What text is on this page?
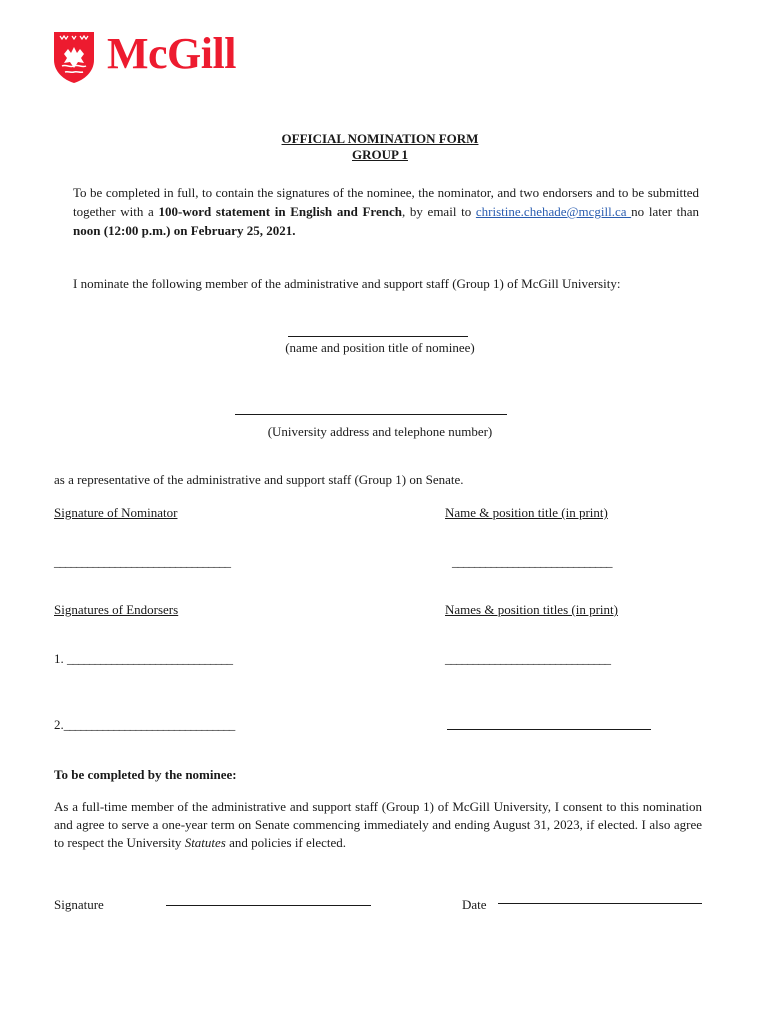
McGill
OFFICIAL NOMINATION FORM
GROUP 1
To be completed in full, to contain the signatures of the nominee, the nominator, and two endorsers and to be submitted together with a 100-word statement in English and French, by email to christine.chehade@mcgill.ca no later than noon (12:00 p.m.) on February 25, 2021.
I nominate the following member of the administrative and support staff (Group 1) of McGill University:
(name and position title of nominee)
(University address and telephone number)
as a representative of the administrative and support staff (Group 1) on Senate.
Signature of Nominator	Name & position title (in print)
________________________________	_____________________________
Signatures of Endorsers	Names & position titles (in print)
1. ______________________________	______________________________
2._______________________________
To be completed by the nominee:
As a full-time member of the administrative and support staff (Group 1) of McGill University, I consent to this nomination and agree to serve a one-year term on Senate commencing immediately and ending August 31, 2023, if elected. I also agree to respect the University Statutes and policies if elected.
Signature	Date
